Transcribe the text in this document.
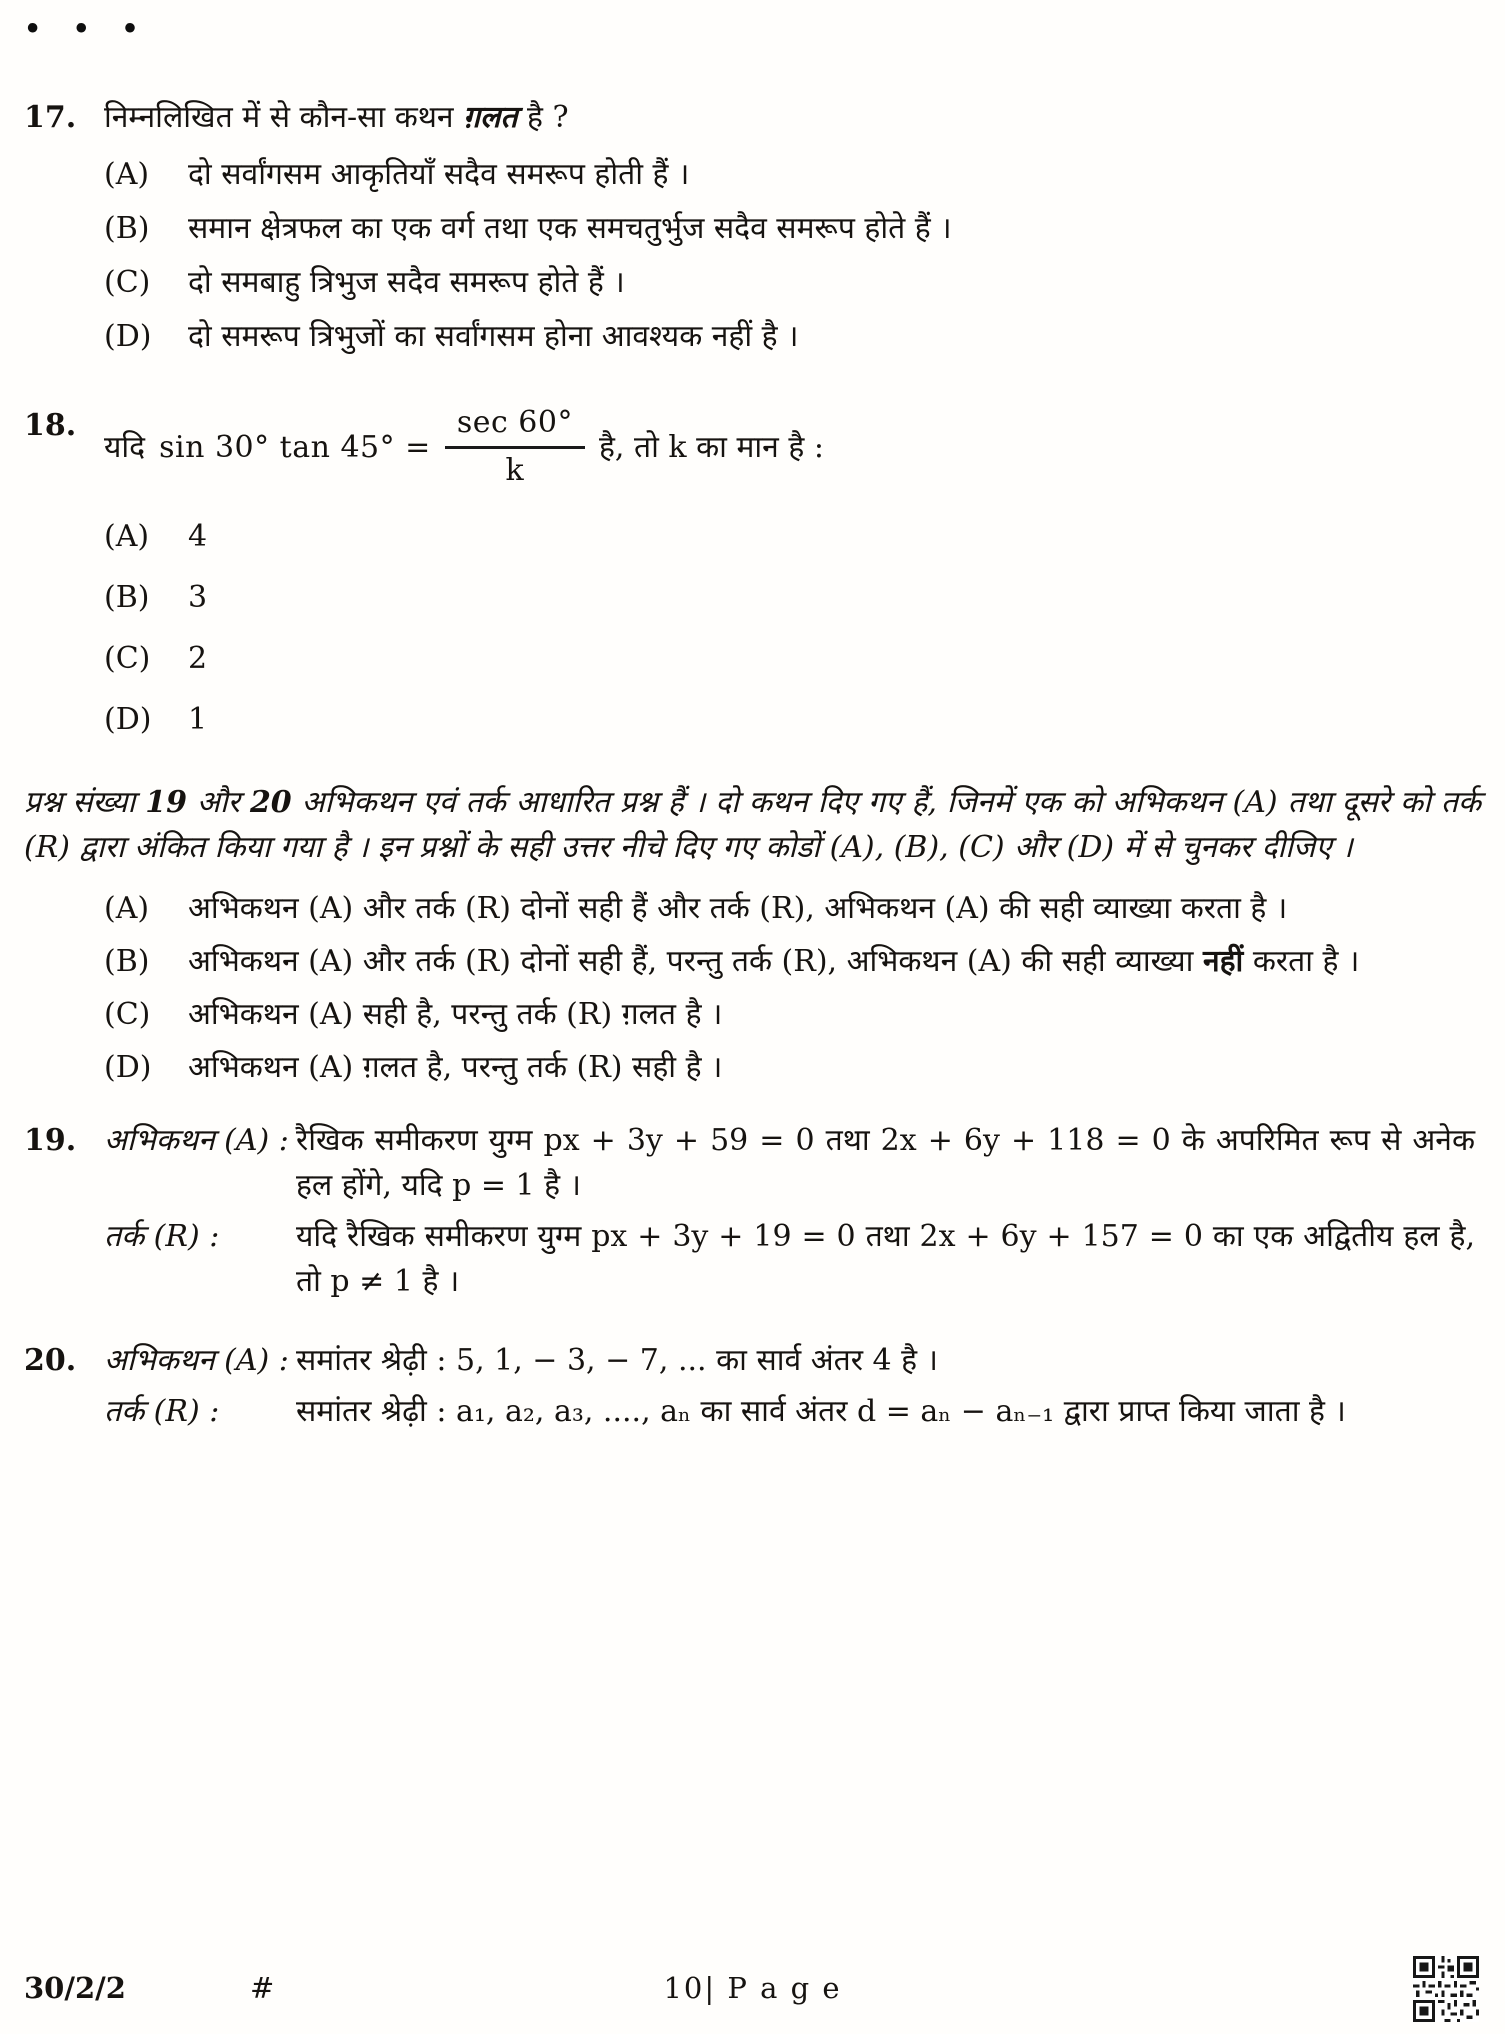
• • •
17. निम्नलिखित में से कौन-सा कथन ग़लत है ?
(A)	दो सर्वांगसम आकृतियाँ सदैव समरूप होती हैं ।
(B)	समान क्षेत्रफल का एक वर्ग तथा एक समचतुर्भुज सदैव समरूप होते हैं ।
(C)	दो समबाहु त्रिभुज सदैव समरूप होते हैं ।
(D)	दो समरूप त्रिभुजों का सर्वांगसम होना आवश्यक नहीं है ।
18.
यदि sin 30° $\tan 45^\circ = \frac{\sec 60^\circ}{k}$ है, तो k का मान है :
(A)	4
(B)	3
(C)	2
(D)	1

प्रश्न संख्या 19 और 20 अभिकथन एवं तर्क आधारित प्रश्न हैं । दो कथन दिए गए हैं, जिनमें एक को अभिकथन (A) तथा दूसरे को तर्क (R) द्वारा अंकित किया गया है । इन प्रश्नों के सही उत्तर नीचे दिए गए कोडों (A), (B), (C) और (D) में से चुनकर दीजिए ।

(A)	अभिकथन (A) और तर्क (R) दोनों सही हैं और तर्क (R), अभिकथन (A) की सही व्याख्या करता है ।
(B)	अभिकथन (A) और तर्क (R) दोनों सही हैं, परन्तु तर्क (R), अभिकथन (A) की सही व्याख्या नहीं करता है ।
(C)	अभिकथन (A) सही है, परन्तु तर्क (R) ग़लत है ।
(D)	अभिकथन (A) ग़लत है, परन्तु तर्क (R) सही है ।
19. अभिकथन (A) : रैखिक समीकरण युग्म px + 3y + 59 = 0 तथा 2x + 6y + 118 = 0 के अपरिमित रूप से अनेक हल होंगे, यदि p = 1 है ।
तर्क (R) :	यदि रैखिक समीकरण युग्म px + 3y + 19 = 0 तथा 2x + 6y + 157 = 0 का एक अद्वितीय हल है, तो p ≠ 1 है ।
20. अभिकथन (A) : समांतर श्रेढ़ी : 5, 1, − 3, − 7, ... का सार्व अंतर 4 है ।
तर्क (R) :	समांतर श्रेढ़ी : a₁, a₂, a₃, ...., aₙ का सार्व अंतर d = aₙ − aₙ₋₁ द्वारा प्राप्त किया जाता है ।
30/2/2	#	10| P a g e
